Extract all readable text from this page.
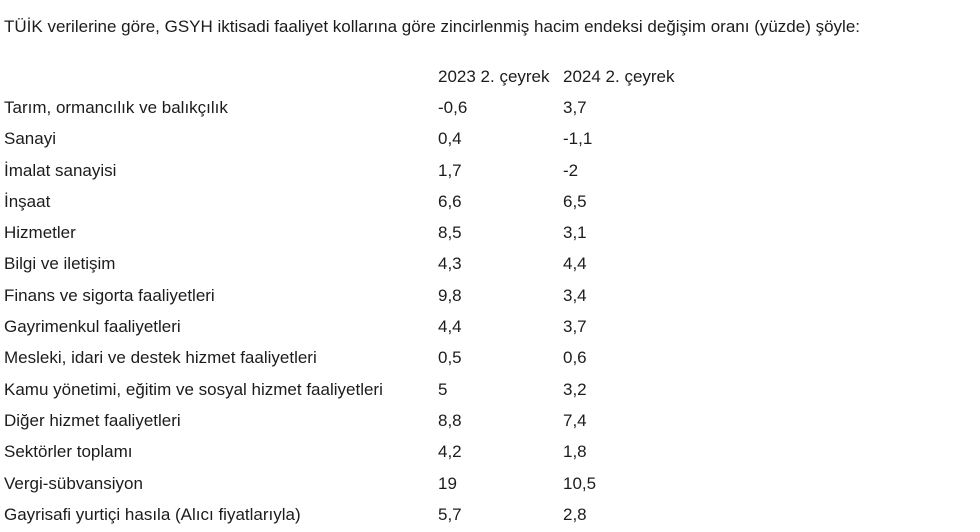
TÜİK verilerine göre, GSYH iktisadi faaliyet kollarına göre zincirlenmiş hacim endeksi değişim oranı (yüzde) şöyle:

	2023 2. çeyrek	2024 2. çeyrek
Tarım, ormancılık ve balıkçılık	-0,6	3,7
Sanayi	0,4	-1,1
İmalat sanayisi	1,7	-2
İnşaat	6,6	6,5
Hizmetler	8,5	3,1
Bilgi ve iletişim	4,3	4,4
Finans ve sigorta faaliyetleri	9,8	3,4
Gayrimenkul faaliyetleri	4,4	3,7
Mesleki, idari ve destek hizmet faaliyetleri	0,5	0,6
Kamu yönetimi, eğitim ve sosyal hizmet faaliyetleri	5	3,2
Diğer hizmet faaliyetleri	8,8	7,4
Sektörler toplamı	4,2	1,8
Vergi-sübvansiyon	19	10,5
Gayrisafi yurtiçi hasıla (Alıcı fiyatlarıyla)	5,7	2,8
